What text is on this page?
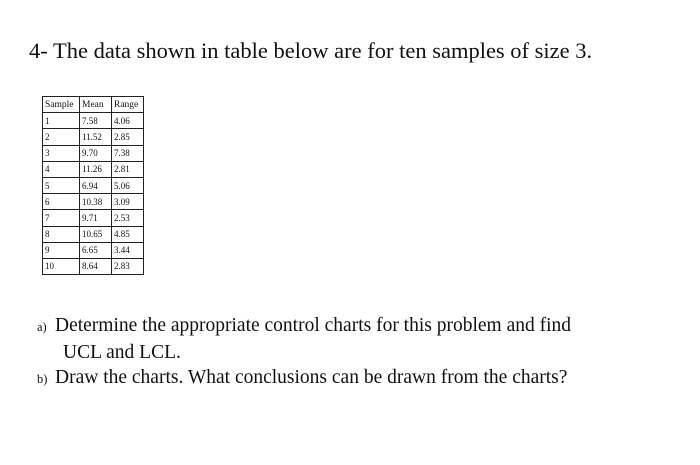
4- The data shown in table below are for ten samples of size 3.
Sample	Mean	Range
1	7.58	4.06
2	11.52	2.85
3	9.70	7.38
4	11.26	2.81
5	6.94	5.06
6	10.38	3.09
7	9.71	2.53
8	10.65	4.85
9	6.65	3.44
10	8.64	2.83
a) Determine the appropriate control charts for this problem and find
UCL and LCL.
b) Draw the charts. What conclusions can be drawn from the charts?
